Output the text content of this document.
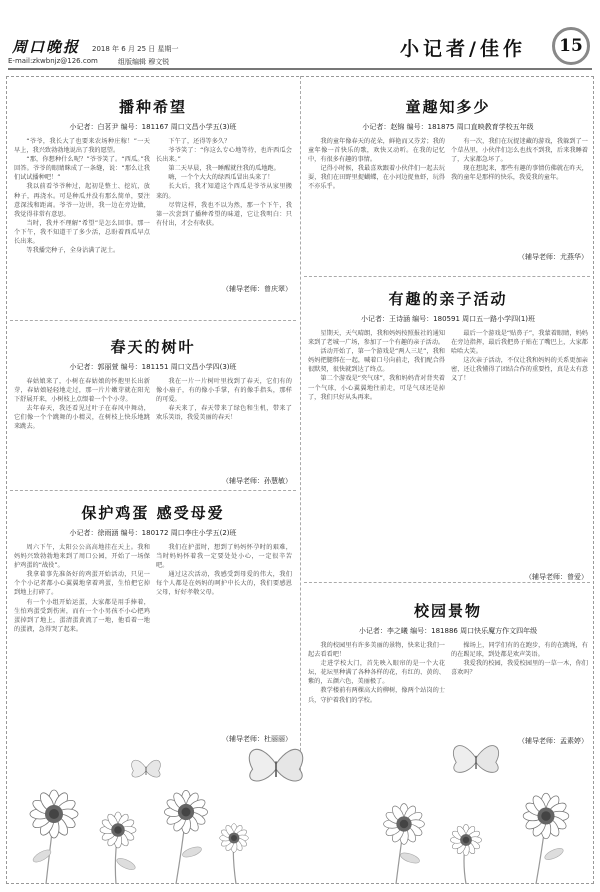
周口晚报 2018 年 6 月 25 日 星期一
E-mail:zkwbnjz@126.com	组版编辑 穆文锐
小记者/佳作	15
播种希望
小记者：白茗尹 编号：181167 周口文昌小学五(3)班

“爷爷，我长大了也要来农场种庄稼！”一天早上，我兴致勃勃地说出了我的愿望。

“那，你想种什么呢？”爷爷笑了。“西瓜。”我回答。爷爷的眼睛眯成了一条缝，说：“那么让我们试试播种吧！”

我以前看爷爷种过，起初是整土、挖坑，放种子，再浇水。可是种瓜并没有那么简单，要注意深浅和距离。爷爷一边讲，我一边在旁边做，我觉得非常有意思。

当时，我并不理解“希望”是怎么回事。那一个下午，我不知道干了多少活，总盼着西瓜早点长出来。

等我播完种子，全身沾满了泥土。

下午了，还得等多久？

爷爷笑了：“你这么专心地等待，也许西瓜会长出来。”

第二天早晨，我一睡醒就往我的瓜地跑。

嗨，一个个大大的绿西瓜冒出头来了！

长大后，我才知道这个西瓜是爷爷从家里搬来的。

尽管这样，我也不以为然，那一个下午，我第一次尝到了播种希望的味道，它让我明白：只有付出，才会有收获。

（辅导老师：曾庆翠）
春天的树叶
小记者：郭丽萱 编号：181151 周口文昌小学四(3)班

春姑娘来了，小树在春姑娘的怀抱里长出新芽，春姑娘轻轻地走过，那一片片嫩芽就在阳光下舒展开来，小树枝上点缀着一个个小芽。

去年春天，我还看见过叶子在春风中舞动，它们像一个个跳舞的小精灵，在树枝上快乐地跳来跳去。

我在一片一片树叶里找到了春天，它们有的像小扇子，有的像小手掌，有的像手指头，那样的可爱。

春天来了，春天带来了绿色和生机，带来了欢乐笑语，我爱美丽的春天！

（辅导老师：孙慧敏）
保护鸡蛋 感受母爱
小记者：徐雨涵 编号：180172 周口李庄小学五(2)班

周六下午，太阳公公高高地挂在天上。我和妈妈兴致勃勃地来到了周口公园，开始了一场保护鸡蛋的“战役”。

我拿着事先准备好的鸡蛋开始活动，只见一个个小记者都小心翼翼地拿着鸡蛋，生怕把它掉到地上打碎了。

有一个小组开始运蛋，大家都是用手捧着，生怕鸡蛋受到伤害，而有一个小男孩不小心把鸡蛋掉到了地上，蛋清蛋黄流了一地，他看着一地的蛋液，急得哭了起来。

我们在护蛋时，想到了妈妈怀孕时的艰难，当时妈妈怀着我一定要处处小心，一定很辛苦吧。

通过这次活动，我感受到母爱的伟大，我们每个人都是在妈妈的呵护中长大的，我们要感恩父母，好好孝敬父母。

（辅导老师：杜丽丽）
童趣知多少
小记者：赵锦 编号：181875 周口直映教育学校五年级

我的童年像春天的花朵，鲜艳而又芬芳；我的童年像一首快乐的歌，欢快又动听。在我的记忆中，有很多有趣的事情。

记得小时候，我最喜欢跟着小伙伴们一起去玩耍，我们在田野里捉蝴蝶，在小河边捉鱼虾，玩得不亦乐乎。

有一次，我们在玩捉迷藏的游戏，我躲到了一个草丛里，小伙伴们怎么也找不到我，后来我睡着了，大家都急坏了。

现在想起来，那些有趣的事情仿佛就在昨天，我的童年是那样的快乐，我爱我的童年。

（辅导老师：尤燕华）
有趣的亲子活动
小记者：王诗涵 编号：180591 周口五一路小学四(1)班

星期天，天气晴朗，我和妈妈按照报社的通知来到了老城一广场，参加了一个有趣的亲子活动。

活动开始了，第一个游戏是“两人三足”，我和妈妈把腿绑在一起，喊着口号向前走，我们配合得很默契，很快就到达了终点。

第二个游戏是“夹气球”，我和妈妈背对背夹着一个气球，小心翼翼地往前走，可是气球还是掉了，我们只好从头再来。

最后一个游戏是“贴鼻子”，我蒙着眼睛，妈妈在旁边指挥，最后我把鼻子贴在了嘴巴上，大家都哈哈大笑。

这次亲子活动，不仅让我和妈妈的关系更加亲密，还让我懂得了团结合作的重要性，真是太有意义了！

（辅导老师：曾爱）
校园景物
小记者：李之曦 编号：181886 周口快乐魔方作文四年级

我的校园里有许多美丽的景物，快来让我们一起去看看吧！

走进学校大门，首先映入眼帘的是一个大花坛，花坛里种满了各种各样的花，有红的、黄的、紫的，五颜六色，美丽极了。

教学楼前有两棵高大的柳树，像两个站岗的士兵，守护着我们的学校。

操场上，同学们有的在跑步，有的在跳绳，有的在踢足球，到处都是欢声笑语。

我爱我的校园，我爱校园里的一草一木，你们喜欢吗？

（辅导老师：孟素婷）
